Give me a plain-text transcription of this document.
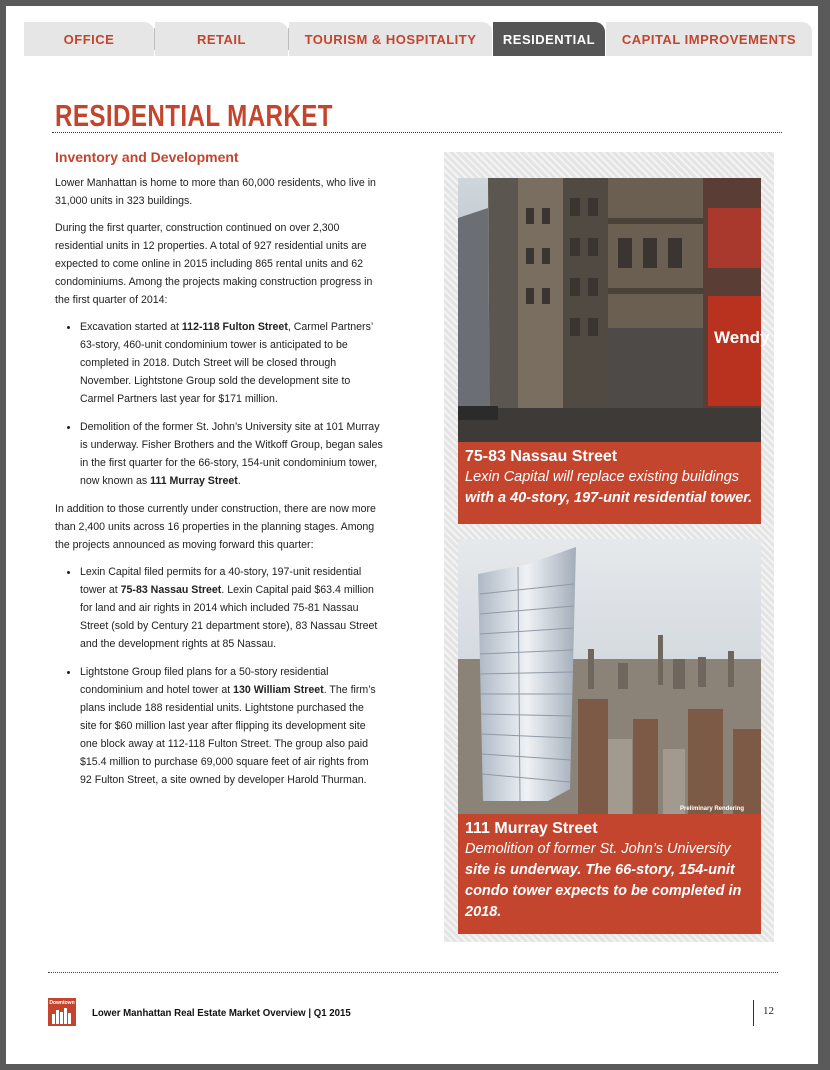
OFFICE	RETAIL	TOURISM & HOSPITALITY	RESIDENTIAL	CAPITAL IMPROVEMENTS
RESIDENTIAL MARKET
Inventory and Development

Lower Manhattan is home to more than 60,000 residents, who live in 31,000 units in 323 buildings.

During the first quarter, construction continued on over 2,300 residential units in 12 properties. A total of 927 residential units are expected to come online in 2015 including 865 rental units and 62 condominiums. Among the projects making construction progress in the first quarter of 2014:

• Excavation started at 112-118 Fulton Street, Carmel Partners’ 63-story, 460-unit condominium tower is anticipated to be completed in 2018. Dutch Street will be closed through November. Lightstone Group sold the development site to Carmel Partners last year for $171 million.
• Demolition of the former St. John’s University site at 101 Murray is underway. Fisher Brothers and the Witkoff Group, began sales in the first quarter for the 66-story, 154-unit condominium tower, now known as 111 Murray Street.

In addition to those currently under construction, there are now more than 2,400 units across 16 properties in the planning stages. Among the projects announced as moving forward this quarter:

• Lexin Capital filed permits for a 40-story, 197-unit residential tower at 75-83 Nassau Street. Lexin Capital paid $63.4 million for land and air rights in 2014 which included 75-81 Nassau Street (sold by Century 21 department store), 83 Nassau Street and the development rights at 85 Nassau.
• Lightstone Group filed plans for a 50-story residential condominium and hotel tower at 130 William Street. The firm’s plans include 188 residential units. Lightstone purchased the site for $60 million last year after flipping its development site one block away at 112-118 Fulton Street. The group also paid $15.4 million to purchase 69,000 square feet of air rights from 92 Fulton Street, a site owned by developer Harold Thurman.
Wendy

75-83 Nassau Street

Lexin Capital will replace existing buildings
with a 40-story, 197-unit residential tower.

Preliminary Rendering

111 Murray Street

Demolition of former St. John’s University
site is underway. The 66-story, 154-unit condo tower expects to be completed in 2018.

Downtown
Lower Manhattan Real Estate Market Overview | Q1 2015	12
